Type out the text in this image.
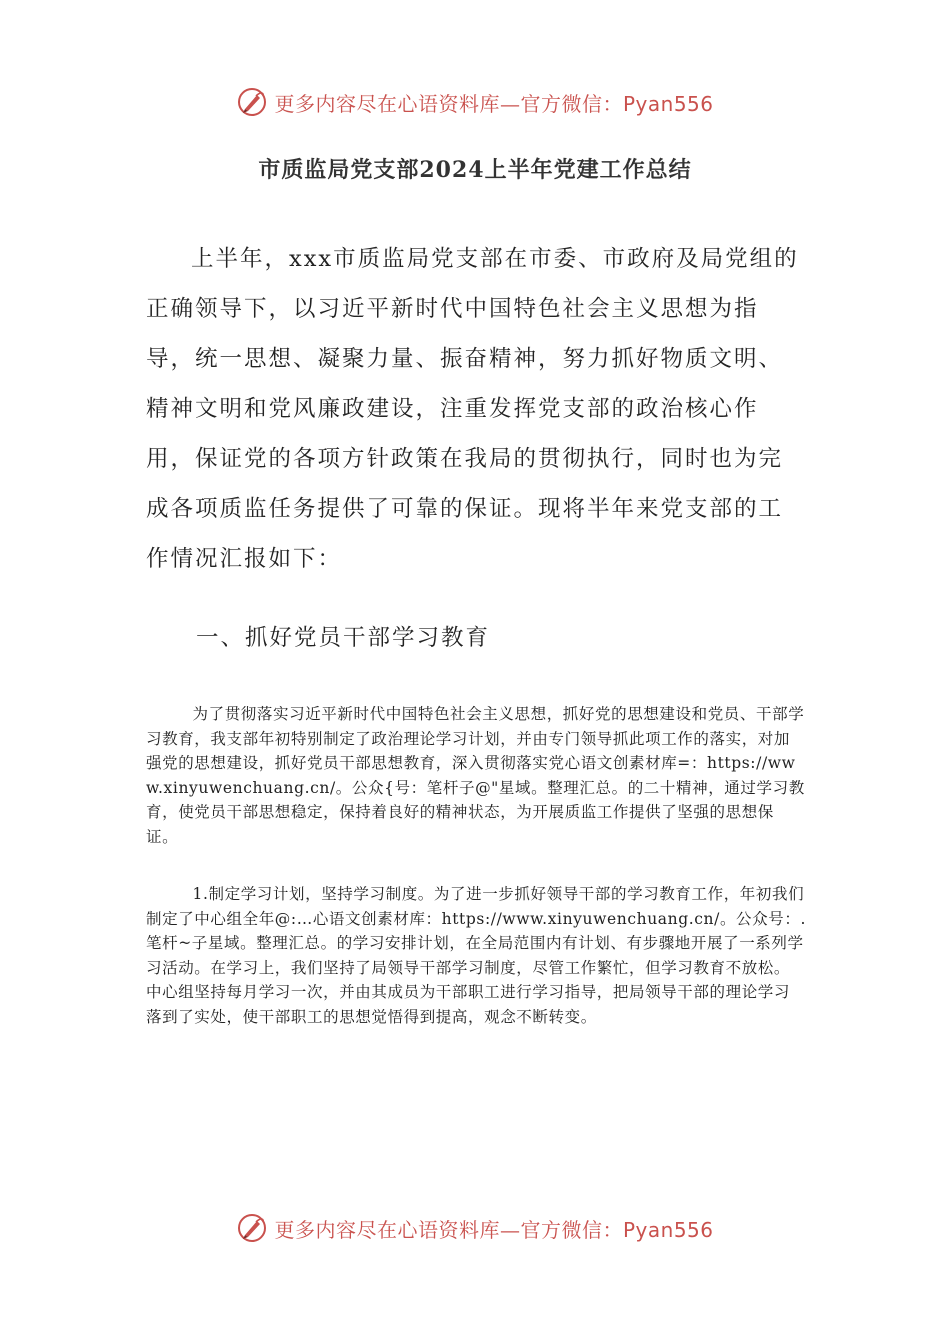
更多内容尽在心语资料库—官方微信：Pyan556
市质监局党支部2024上半年党建工作总结

上半年，xxx市质监局党支部在市委、市政府及局党组的正确领导下，以习近平新时代中国特色社会主义思想为指导，统一思想、凝聚力量、振奋精神，努力抓好物质文明、精神文明和党风廉政建设，注重发挥党支部的政治核心作用，保证党的各项方针政策在我局的贯彻执行，同时也为完成各项质监任务提供了可靠的保证。现将半年来党支部的工作情况汇报如下：

一、抓好党员干部学习教育

为了贯彻落实习近平新时代中国特色社会主义思想，抓好党的思想建设和党员、干部学习教育，我支部年初特别制定了政治理论学习计划，并由专门领导抓此项工作的落实，对加强党的思想建设，抓好党员干部思想教育，深入贯彻落实党心语文创素材库=：https://www.xinyuwenchuang.cn/。公众{号：笔杆子@"星域。整理汇总。的二十精神，通过学习教育，使党员干部思想稳定，保持着良好的精神状态，为开展质监工作提供了坚强的思想保证。

1.制定学习计划，坚持学习制度。为了进一步抓好领导干部的学习教育工作，年初我们制定了中心组全年@:…心语文创素材库：https://www.xinyuwenchuang.cn/。公众号：.笔杆~子星域。整理汇总。的学习安排计划，在全局范围内有计划、有步骤地开展了一系列学习活动。在学习上，我们坚持了局领导干部学习制度，尽管工作繁忙，但学习教育不放松。中心组坚持每月学习一次，并由其成员为干部职工进行学习指导，把局领导干部的理论学习落到了实处，使干部职工的思想觉悟得到提高，观念不断转变。

更多内容尽在心语资料库—官方微信：Pyan556
